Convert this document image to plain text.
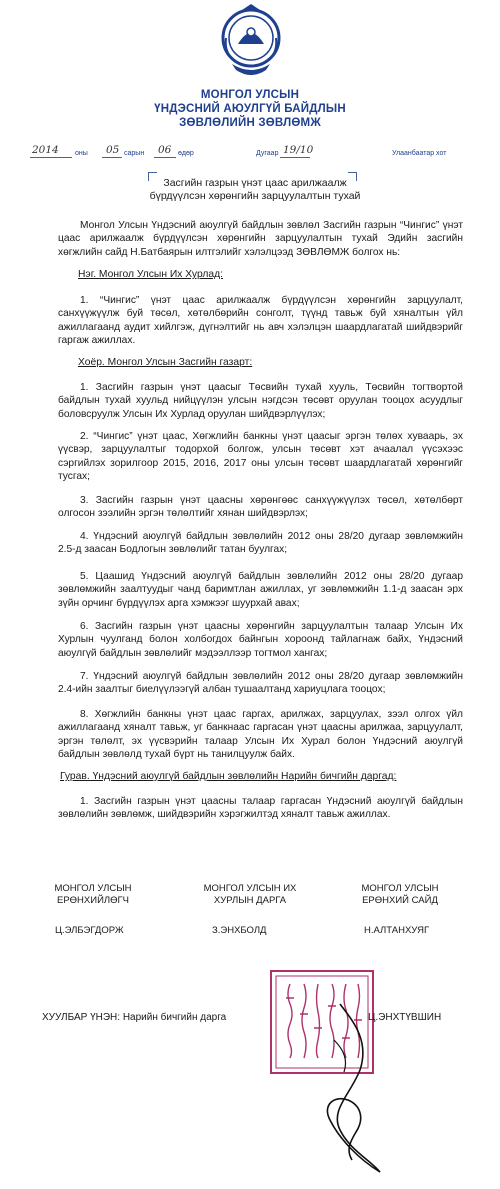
МОНГОЛ УЛСЫН
ҮНДЭСНИЙ АЮУЛГҮЙ БАЙДЛЫН
ЗӨВЛӨЛИЙН ЗӨВЛӨМЖ
2014 оны 05 сарын 06 өдөр	Дугаар 19/10	Улаанбаатар хот
Засгийн газрын үнэт цаас арилжаалж
бүрдүүлсэн хөрөнгийн зарцуулалтын тухай
Монгол Улсын Үндэсний аюулгүй байдлын зөвлөл Засгийн газрын “Чингис” үнэт цаас арилжаалж бүрдүүлсэн хөрөнгийн зарцуулалтын тухай Эдийн засгийн хөгжлийн сайд Н.Батбаярын илтгэлийг хэлэлцээд ЗӨВЛӨМЖ болгох нь:
Нэг. Монгол Улсын Их Хурлад:
1. “Чингис” үнэт цаас арилжаалж бүрдүүлсэн хөрөнгийн зарцуулалт, санхүүжүүлж буй төсөл, хөтөлбөрийн сонголт, түүнд тавьж буй хяналтын үйл ажиллагаанд аудит хийлгэж, дүгнэлтийг нь авч хэлэлцэн шаардлагатай шийдвэрийг гаргаж ажиллах.
Хоёр. Монгол Улсын Засгийн газарт:
1. Засгийн газрын үнэт цаасыг Төсвийн тухай хууль, Төсвийн тогтвортой байдлын тухай хуульд нийцүүлэн улсын нэгдсэн төсөвт оруулан тооцох асуудлыг боловсруулж Улсын Их Хурлад оруулан шийдвэрлүүлэх;
2. “Чингис” үнэт цаас, Хөгжлийн банкны үнэт цаасыг эргэн төлөх хуваарь, эх үүсвэр, зарцуулалтыг тодорхой болгож, улсын төсөвт хэт ачаалал үүсэхээс сэргийлэх зорилгоор 2015, 2016, 2017 оны улсын төсөвт шаардлагатай хөрөнгийг тусгах;
3. Засгийн газрын үнэт цаасны хөрөнгөөс санхүүжүүлэх төсөл, хөтөлбөрт олгосон зээлийн эргэн төлөлтийг хянан шийдвэрлэх;
4. Үндэсний аюулгүй байдлын зөвлөлийн 2012 оны 28/20 дугаар зөвлөмжийн 2.5-д заасан Бодлогын зөвлөлийг татан буулгах;
5. Цаашид Үндэсний аюулгүй байдлын зөвлөлийн 2012 оны 28/20 дугаар зөвлөмжийн заалтуудыг чанд баримтлан ажиллах, уг зөвлөмжийн 1.1-д заасан эрх зүйн орчинг бүрдүүлэх арга хэмжээг шуурхай авах;
6. Засгийн газрын үнэт цаасны хөрөнгийн зарцуулалтын талаар Улсын Их Хурлын чуулганд болон холбогдох байнгын хороонд тайлагнаж байх, Үндэсний аюулгүй байдлын зөвлөлийг мэдээллээр тогтмол хангах;
7. Үндэсний аюулгүй байдлын зөвлөлийн 2012 оны 28/20 дугаар зөвлөмжийн 2.4-ийн заалтыг биелүүлээгүй албан тушаалтанд хариуцлага тооцох;
8. Хөгжлийн банкны үнэт цаас гаргах, арилжах, зарцуулах, зээл олгох үйл ажиллагаанд хяналт тавьж, уг банкнаас гаргасан үнэт цаасны арилжаа, зарцуулалт, эргэн төлөлт, эх үүсвэрийн талаар Улсын Их Хурал болон Үндэсний аюулгүй байдлын зөвлөлд тухай бүрт нь танилцуулж байх.
Гурав. Үндэсний аюулгүй байдлын зөвлөлийн Нарийн бичгийн даргад:
1. Засгийн газрын үнэт цаасны талаар гаргасан Үндэсний аюулгүй байдлын зөвлөлийн зөвлөмж, шийдвэрийн хэрэгжилтэд хяналт тавьж ажиллах.
МОНГОЛ УЛСЫН
ЕРӨНХИЙЛӨГЧ
Ц.ЭЛБЭГДОРЖ
МОНГОЛ УЛСЫН ИХ
ХУРЛЫН ДАРГА
З.ЭНХБОЛД
МОНГОЛ УЛСЫН
ЕРӨНХИЙ САЙД
Н.АЛТАНХУЯГ
ХУУЛБАР ҮНЭН: Нарийн бичгийн дарга	Ц.ЭНХТҮВШИН
